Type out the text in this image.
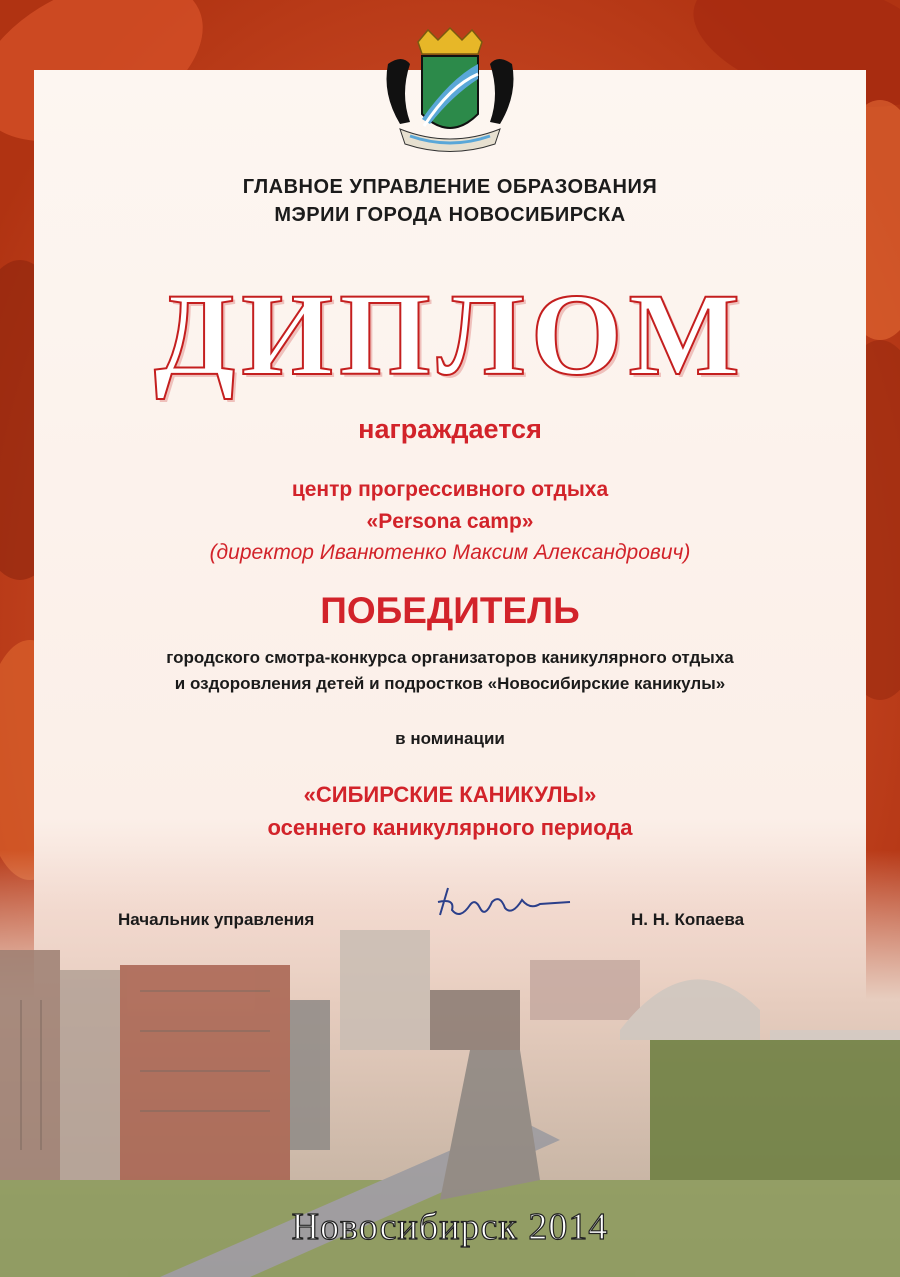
ГЛАВНОЕ УПРАВЛЕНИЕ ОБРАЗОВАНИЯ
МЭРИИ ГОРОДА НОВОСИБИРСКА
ДИПЛОМ
награждается
центр прогрессивного отдыха
«Persona camp»
(директор Иванютенко Максим Александрович)
ПОБЕДИТЕЛЬ
городского смотра-конкурса организаторов каникулярного отдыха
и оздоровления детей и подростков «Новосибирские каникулы»
в номинации
«СИБИРСКИЕ КАНИКУЛЫ»
осеннего каникулярного периода
Начальник управления	Н. Н. Копаева
Новосибирск 2014
